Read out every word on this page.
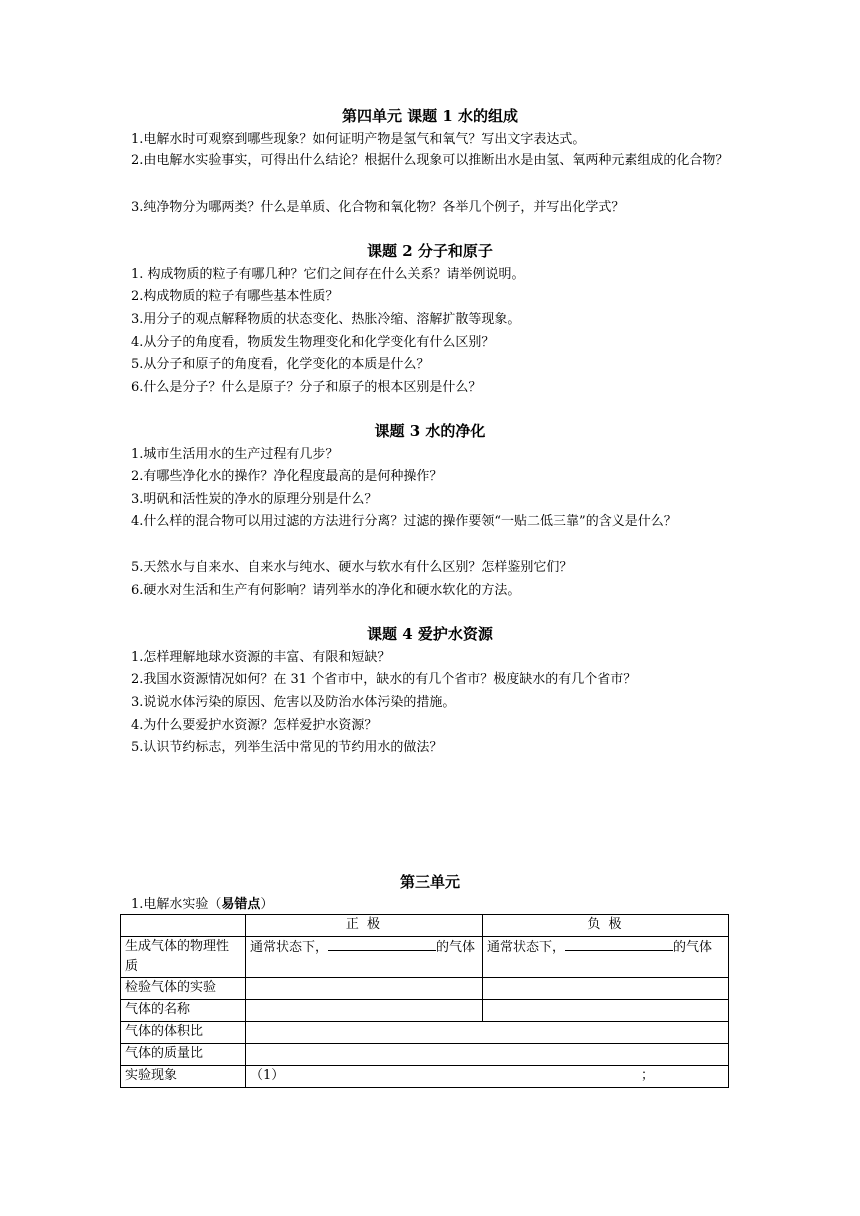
第四单元 课题 1 水的组成
1.电解水时可观察到哪些现象？如何证明产物是氢气和氧气？写出文字表达式。
2.由电解水实验事实，可得出什么结论？根据什么现象可以推断出水是由氢、氧两种元素组成的化合物？
3.纯净物分为哪两类？什么是单质、化合物和氧化物？各举几个例子，并写出化学式？
课题 2 分子和原子
1. 构成物质的粒子有哪几种？它们之间存在什么关系？请举例说明。
2.构成物质的粒子有哪些基本性质？
3.用分子的观点解释物质的状态变化、热胀冷缩、溶解扩散等现象。
4.从分子的角度看，物质发生物理变化和化学变化有什么区别？
5.从分子和原子的角度看，化学变化的本质是什么？
6.什么是分子？什么是原子？分子和原子的根本区别是什么？
课题 3 水的净化
1.城市生活用水的生产过程有几步？
2.有哪些净化水的操作？净化程度最高的是何种操作？
3.明矾和活性炭的净水的原理分别是什么？
4.什么样的混合物可以用过滤的方法进行分离？过滤的操作要领“一贴二低三靠”的含义是什么？
5.天然水与自来水、自来水与纯水、硬水与软水有什么区别？怎样鉴别它们？
6.硬水对生活和生产有何影响？请列举水的净化和硬水软化的方法。
课题 4 爱护水资源
1.怎样理解地球水资源的丰富、有限和短缺？
2.我国水资源情况如何？在 31 个省市中，缺水的有几个省市？极度缺水的有几个省市？
3.说说水体污染的原因、危害以及防治水体污染的措施。
4.为什么要爱护水资源？怎样爱护水资源？
5.认识节约标志，列举生活中常见的节约用水的做法？
第三单元
1.电解水实验（易错点）
	正 极	负 极
生成气体的物理性质	通常状态下， 的气体	通常状态下， 的气体
检验气体的实验		
气体的名称		
气体的体积比		
气体的质量比		
实验现象	（1） ；	
